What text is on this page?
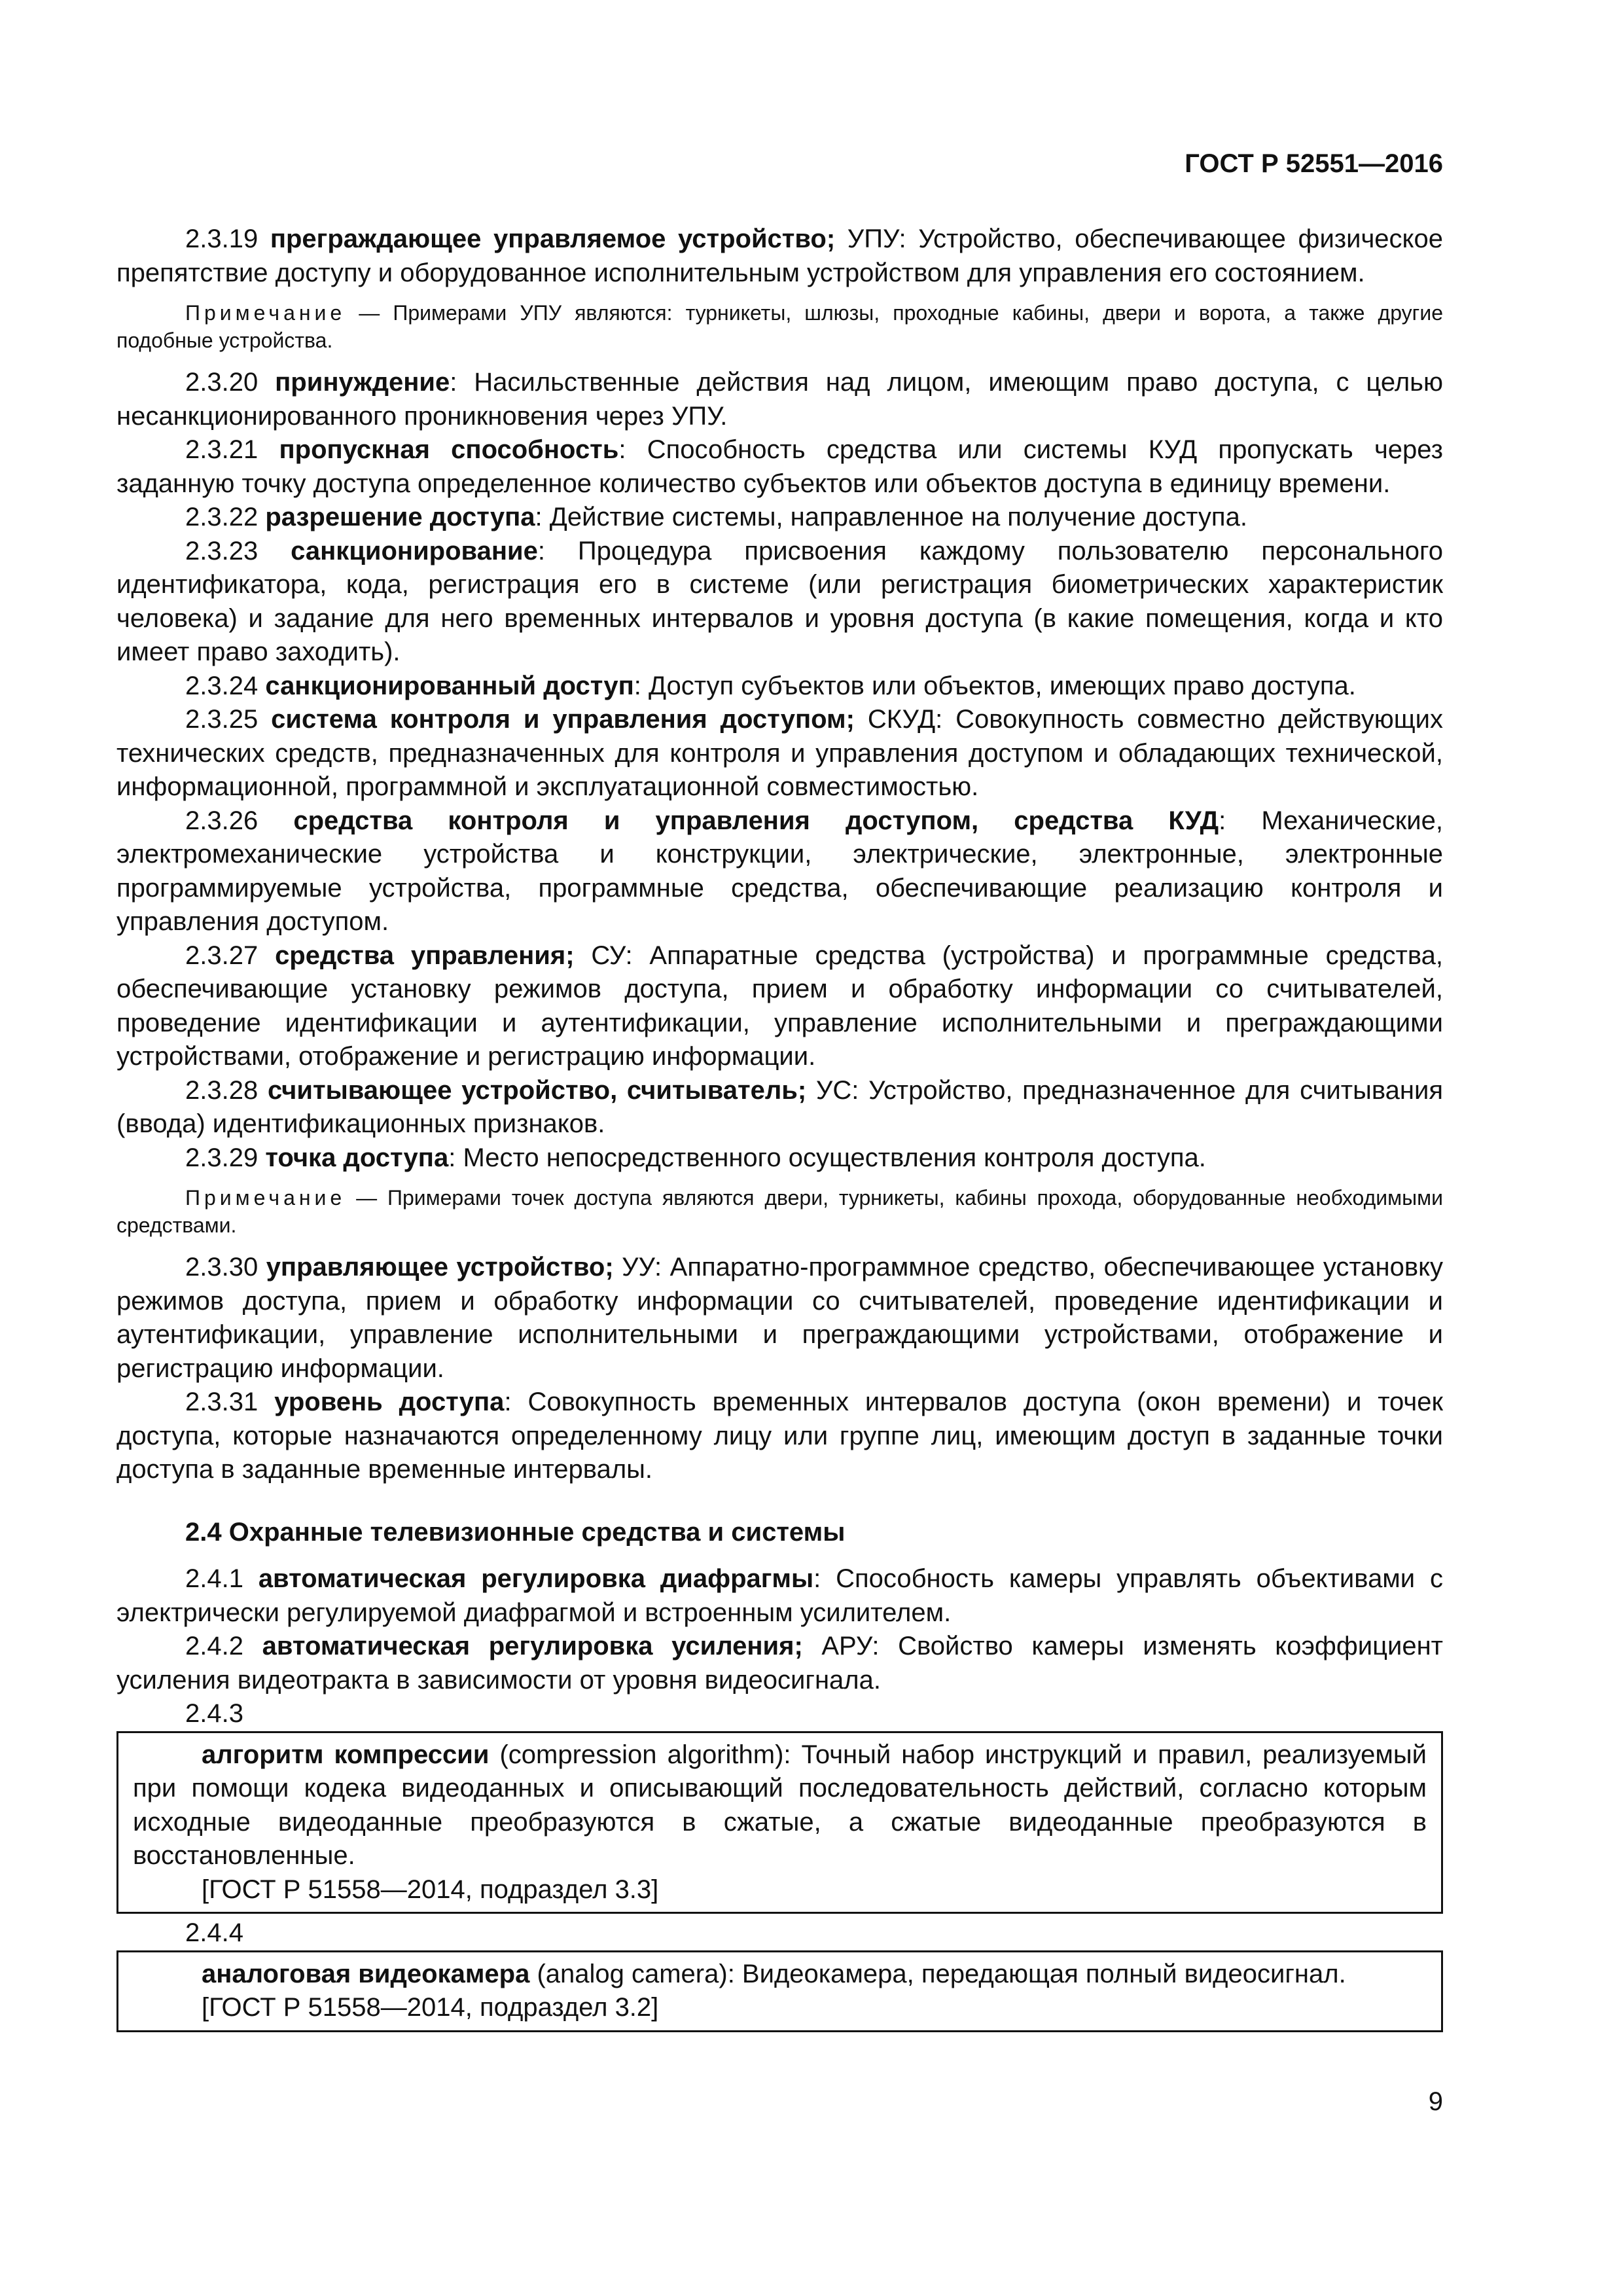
ГОСТ Р 52551—2016

2.3.19 преграждающее управляемое устройство; УПУ: Устройство, обеспечивающее физическое препятствие доступу и оборудованное исполнительным устройством для управления его состоянием.

Примечание — Примерами УПУ являются: турникеты, шлюзы, проходные кабины, двери и ворота, а также другие подобные устройства.

2.3.20 принуждение: Насильственные действия над лицом, имеющим право доступа, с целью несанкционированного проникновения через УПУ.

2.3.21 пропускная способность: Способность средства или системы КУД пропускать через заданную точку доступа определенное количество субъектов или объектов доступа в единицу времени.

2.3.22 разрешение доступа: Действие системы, направленное на получение доступа.

2.3.23 санкционирование: Процедура присвоения каждому пользователю персонального идентификатора, кода, регистрация его в системе (или регистрация биометрических характеристик человека) и задание для него временных интервалов и уровня доступа (в какие помещения, когда и кто имеет право заходить).

2.3.24 санкционированный доступ: Доступ субъектов или объектов, имеющих право доступа.

2.3.25 система контроля и управления доступом; СКУД: Совокупность совместно действующих технических средств, предназначенных для контроля и управления доступом и обладающих технической, информационной, программной и эксплуатационной совместимостью.

2.3.26 средства контроля и управления доступом, средства КУД: Механические, электромеханические устройства и конструкции, электрические, электронные, электронные программируемые устройства, программные средства, обеспечивающие реализацию контроля и управления доступом.

2.3.27 средства управления; СУ: Аппаратные средства (устройства) и программные средства, обеспечивающие установку режимов доступа, прием и обработку информации со считывателей, проведение идентификации и аутентификации, управление исполнительными и преграждающими устройствами, отображение и регистрацию информации.

2.3.28 считывающее устройство, считыватель; УС: Устройство, предназначенное для считывания (ввода) идентификационных признаков.

2.3.29 точка доступа: Место непосредственного осуществления контроля доступа.

Примечание — Примерами точек доступа являются двери, турникеты, кабины прохода, оборудованные необходимыми средствами.

2.3.30 управляющее устройство; УУ: Аппаратно-программное средство, обеспечивающее установку режимов доступа, прием и обработку информации со считывателей, проведение идентификации и аутентификации, управление исполнительными и преграждающими устройствами, отображение и регистрацию информации.

2.3.31 уровень доступа: Совокупность временных интервалов доступа (окон времени) и точек доступа, которые назначаются определенному лицу или группе лиц, имеющим доступ в заданные точки доступа в заданные временные интервалы.

2.4 Охранные телевизионные средства и системы

2.4.1 автоматическая регулировка диафрагмы: Способность камеры управлять объективами с электрически регулируемой диафрагмой и встроенным усилителем.

2.4.2 автоматическая регулировка усиления; АРУ: Свойство камеры изменять коэффициент усиления видеотракта в зависимости от уровня видеосигнала.

2.4.3

алгоритм компрессии (compression algorithm): Точный набор инструкций и правил, реализуемый при помощи кодека видеоданных и описывающий последовательность действий, согласно которым исходные видеоданные преобразуются в сжатые, а сжатые видеоданные преобразуются в восстановленные.

[ГОСТ Р 51558—2014, подраздел 3.3]

2.4.4

аналоговая видеокамера (analog camera): Видеокамера, передающая полный видеосигнал.

[ГОСТ Р 51558—2014, подраздел 3.2]

9
